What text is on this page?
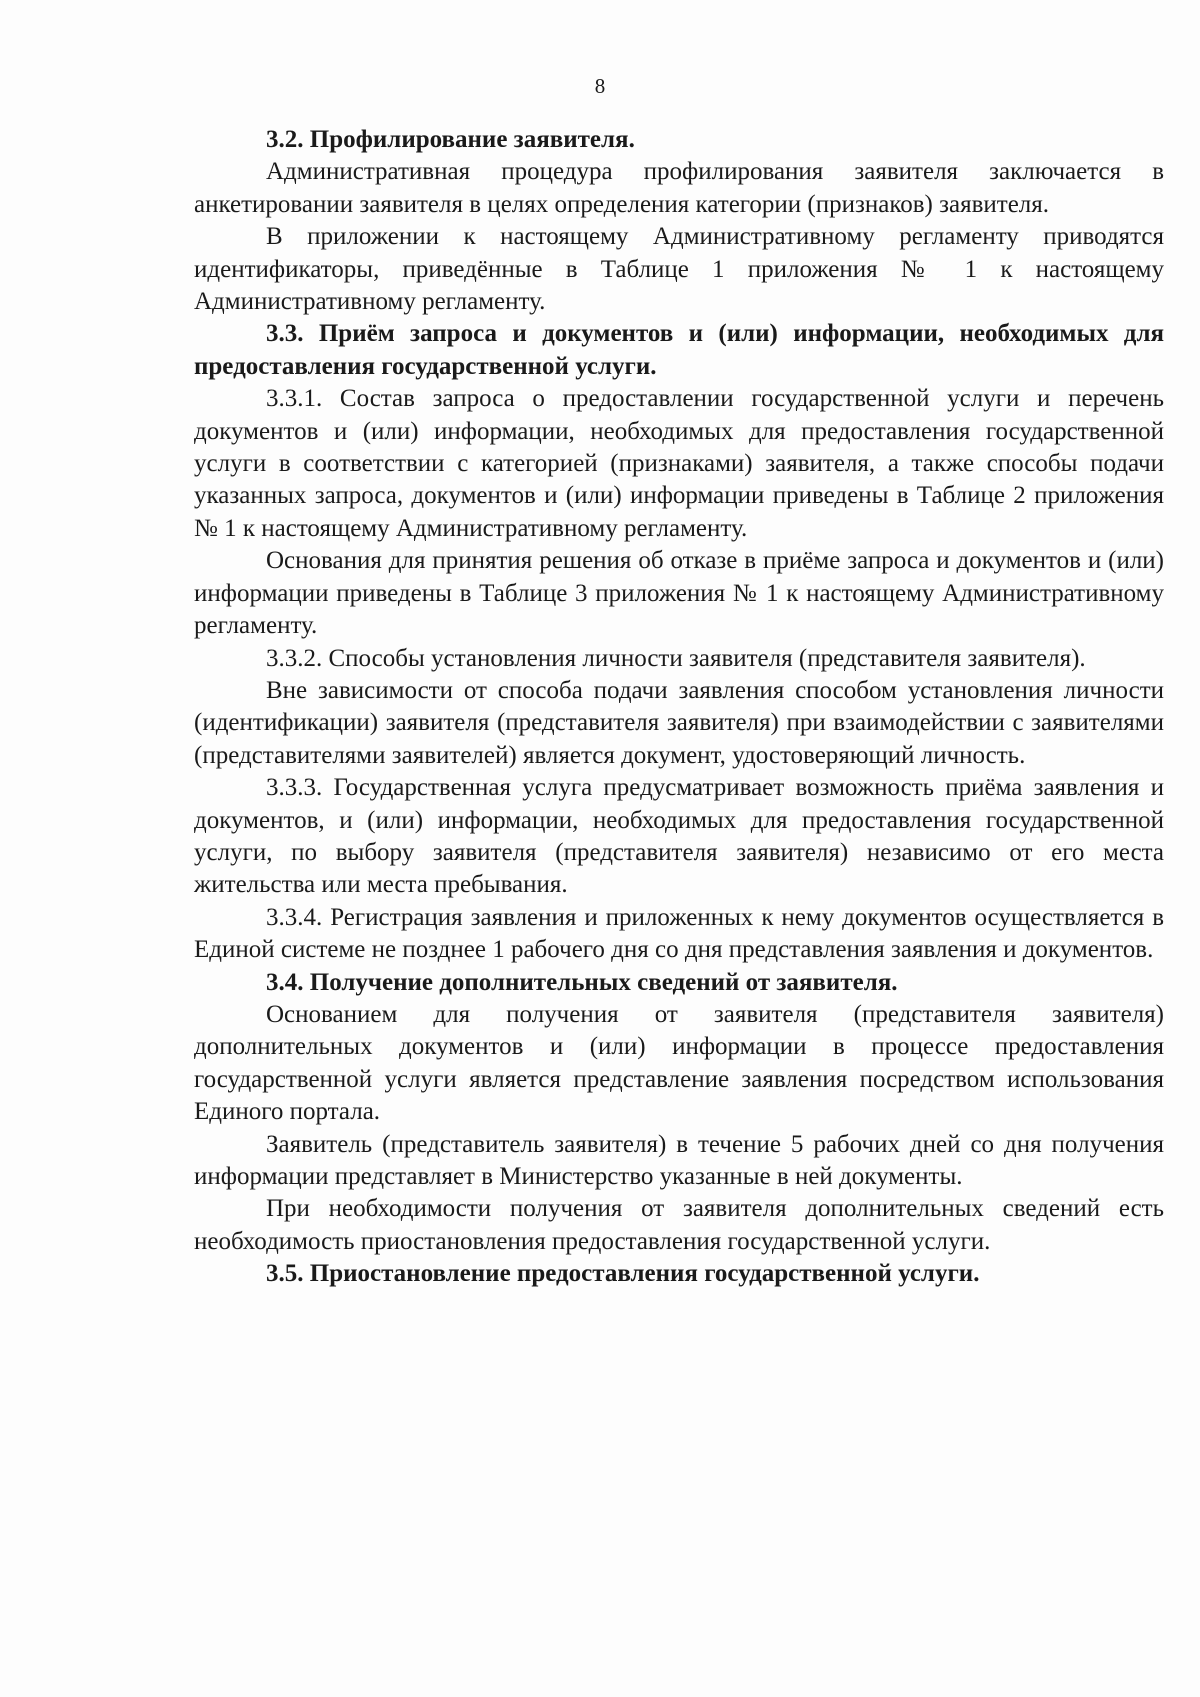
8

3.2. Профилирование заявителя.

Административная процедура профилирования заявителя заключается в анкетировании заявителя в целях определения категории (признаков) заявителя.

В приложении к настоящему Административному регламенту приводятся идентификаторы, приведённые в Таблице 1 приложения № 1 к настоящему Административному регламенту.

3.3. Приём запроса и документов и (или) информации, необходимых для предоставления государственной услуги.

3.3.1. Состав запроса о предоставлении государственной услуги и перечень документов и (или) информации, необходимых для предоставления государственной услуги в соответствии с категорией (признаками) заявителя, а также способы подачи указанных запроса, документов и (или) информации приведены в Таблице 2 приложения № 1 к настоящему Административному регламенту.

Основания для принятия решения об отказе в приёме запроса и документов и (или) информации приведены в Таблице 3 приложения № 1 к настоящему Административному регламенту.

3.3.2. Способы установления личности заявителя (представителя заявителя).

Вне зависимости от способа подачи заявления способом установления личности (идентификации) заявителя (представителя заявителя) при взаимодействии с заявителями (представителями заявителей) является документ, удостоверяющий личность.

3.3.3. Государственная услуга предусматривает возможность приёма заявления и документов, и (или) информации, необходимых для предоставления государственной услуги, по выбору заявителя (представителя заявителя) независимо от его места жительства или места пребывания.

3.3.4. Регистрация заявления и приложенных к нему документов осуществляется в Единой системе не позднее 1 рабочего дня со дня представления заявления и документов.

3.4. Получение дополнительных сведений от заявителя.

Основанием для получения от заявителя (представителя заявителя) дополнительных документов и (или) информации в процессе предоставления государственной услуги является представление заявления посредством использования Единого портала.

Заявитель (представитель заявителя) в течение 5 рабочих дней со дня получения информации представляет в Министерство указанные в ней документы.

При необходимости получения от заявителя дополнительных сведений есть необходимость приостановления предоставления государственной услуги.

3.5. Приостановление предоставления государственной услуги.
